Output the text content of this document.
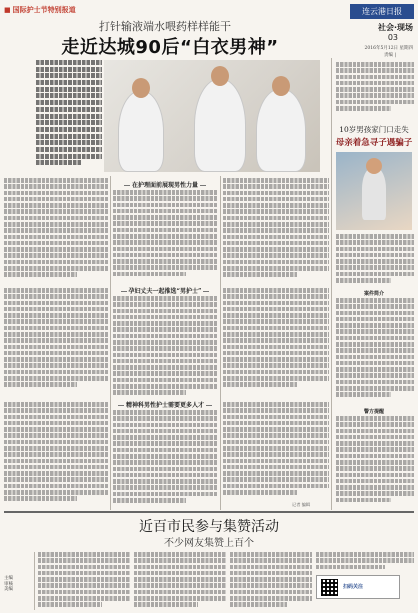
■ 国际护士节特别报道	连云港日报
社会·现场
03
2016年5月12日 星期四
责编 |
打针输液端水喂药样样能干
走近达城90后“白衣男神”
10岁男孩家门口走失
母亲着急寻子遇骗子
案件简介
警方提醒
在护理面前展现男性力量
孕妇丈夫一起推选“男护士”
精神科男性护士需要更多人才
记者 编辑
近百市民参与集赞活动
不少网友集赞上百个
主编
审核
美编	扫码关注
